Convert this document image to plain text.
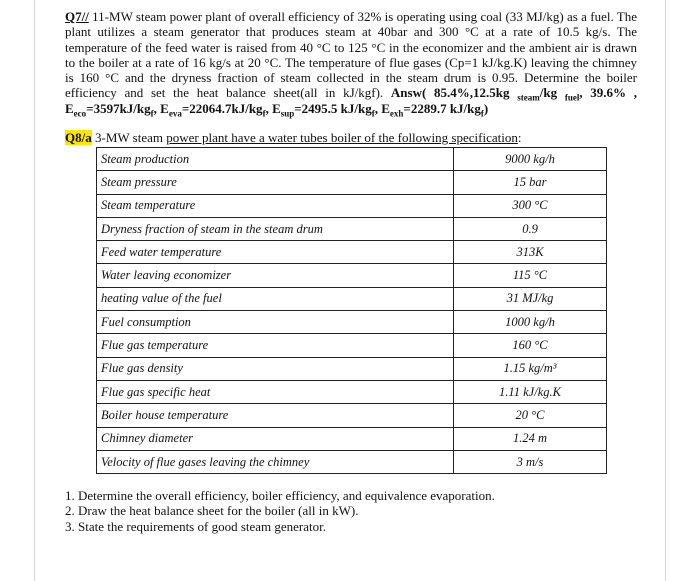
Q7// 11-MW steam power plant of overall efficiency of 32% is operating using coal (33 MJ/kg) as a fuel. The plant utilizes a steam generator that produces steam at 40bar and 300 °C at a rate of 10.5 kg/s. The temperature of the feed water is raised from 40 °C to 125 °C in the economizer and the ambient air is drawn to the boiler at a rate of 16 kg/s at 20 °C. The temperature of flue gases (Cp=1 kJ/kg.K) leaving the chimney is 160 °C and the dryness fraction of steam collected in the steam drum is 0.95. Determine the boiler efficiency and set the heat balance sheet(all in kJ/kgf). Answ( 85.4%,12.5kg $_{steam}$/kg $_{fuel}$, 39.6% , $E_{eco}=3597kJ/kg_f$, $E_{eva}=22064.7kJ/kg_f$, $E_{sup}=2495.5$ $kJ/kg_f$, $E_{exh}=2289.7$ $kJ/kg_f$)
Q8/a 3-MW steam power plant have a water tubes boiler of the following specification:
Steam production	9000 kg/h
Steam pressure	15 bar
Steam temperature	300 °C
Dryness fraction of steam in the steam drum	0.9
Feed water temperature	313K
Water leaving economizer	115 °C
heating value of the fuel	31 MJ/kg
Fuel consumption	1000 kg/h
Flue gas temperature	160 °C
Flue gas density	1.15 kg/m³
Flue gas specific heat	1.11 kJ/kg.K
Boiler house temperature	20 °C
Chimney diameter	1.24 m
Velocity of flue gases leaving the chimney	3 m/s
1. Determine the overall efficiency, boiler efficiency, and equivalence evaporation.
2. Draw the heat balance sheet for the boiler (all in kW).
3. State the requirements of good steam generator.
